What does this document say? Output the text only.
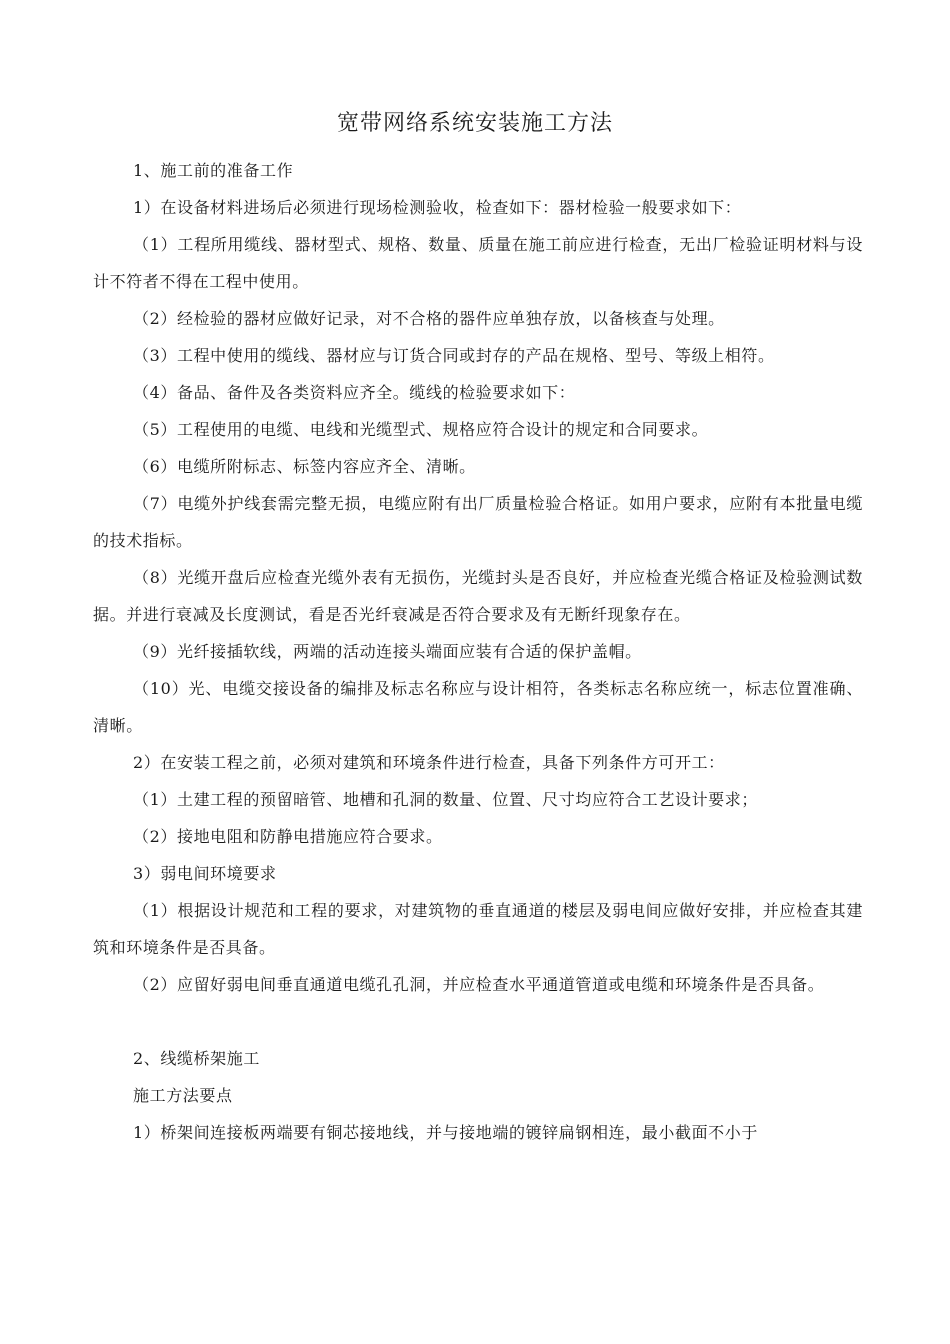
宽带网络系统安装施工方法

1、施工前的准备工作

1）在设备材料进场后必须进行现场检测验收，检查如下：器材检验一般要求如下：

（1）工程所用缆线、器材型式、规格、数量、质量在施工前应进行检查，无出厂检验证明材料与设计不符者不得在工程中使用。

（2）经检验的器材应做好记录，对不合格的器件应单独存放，以备核查与处理。

（3）工程中使用的缆线、器材应与订货合同或封存的产品在规格、型号、等级上相符。

（4）备品、备件及各类资料应齐全。缆线的检验要求如下：

（5）工程使用的电缆、电线和光缆型式、规格应符合设计的规定和合同要求。

（6）电缆所附标志、标签内容应齐全、清晰。

（7）电缆外护线套需完整无损，电缆应附有出厂质量检验合格证。如用户要求，应附有本批量电缆的技术指标。

（8）光缆开盘后应检查光缆外表有无损伤，光缆封头是否良好，并应检查光缆合格证及检验测试数据。并进行衰减及长度测试，看是否光纤衰减是否符合要求及有无断纤现象存在。

（9）光纤接插软线，两端的活动连接头端面应装有合适的保护盖帽。

（10）光、电缆交接设备的编排及标志名称应与设计相符，各类标志名称应统一，标志位置准确、清晰。

2）在安装工程之前，必须对建筑和环境条件进行检查，具备下列条件方可开工：

（1）土建工程的预留暗管、地槽和孔洞的数量、位置、尺寸均应符合工艺设计要求；

（2）接地电阻和防静电措施应符合要求。

3）弱电间环境要求

（1）根据设计规范和工程的要求，对建筑物的垂直通道的楼层及弱电间应做好安排，并应检查其建筑和环境条件是否具备。

（2）应留好弱电间垂直通道电缆孔孔洞，并应检查水平通道管道或电缆和环境条件是否具备。

2、线缆桥架施工

施工方法要点

1）桥架间连接板两端要有铜芯接地线，并与接地端的镀锌扁钢相连，最小截面不小于
